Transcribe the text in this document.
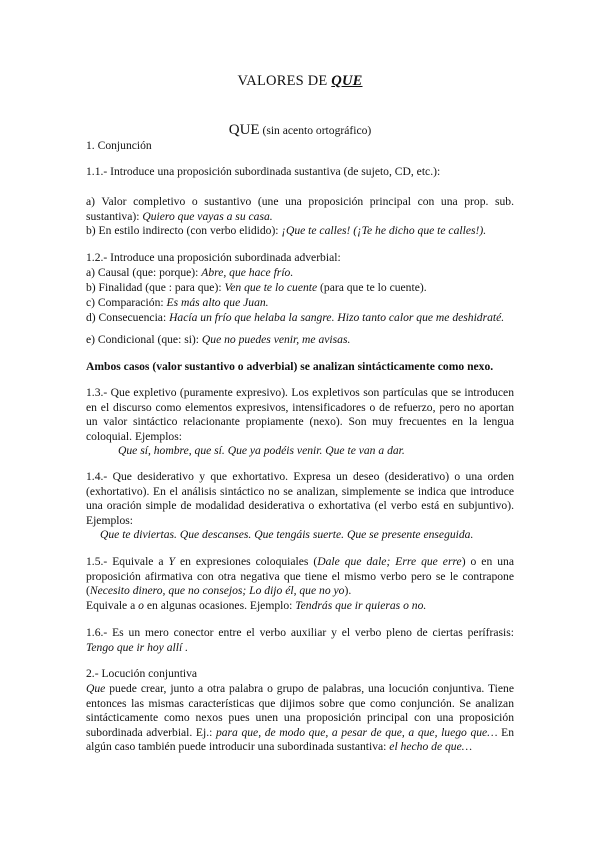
VALORES DE QUE
QUE (sin acento ortográfico)
1. Conjunción
1.1.- Introduce una proposición subordinada sustantiva (de sujeto, CD, etc.):
a) Valor completivo o sustantivo (une una proposición principal con una prop. sub. sustantiva): Quiero que vayas a su casa.
b) En estilo indirecto (con verbo elidido): ¡Que te calles! (¡Te he dicho que te calles!).
1.2.- Introduce una proposición subordinada adverbial:
a) Causal (que: porque): Abre, que hace frío.
b) Finalidad (que : para que): Ven que te lo cuente (para que te lo cuente).
c) Comparación: Es más alto que Juan.
d) Consecuencia: Hacía un frío que helaba la sangre. Hizo tanto calor que me deshidraté.
e) Condicional (que: si): Que no puedes venir, me avisas.
Ambos casos (valor sustantivo o adverbial) se analizan sintácticamente como nexo.
1.3.- Que expletivo (puramente expresivo). Los expletivos son partículas que se introducen en el discurso como elementos expresivos, intensificadores o de refuerzo, pero no aportan un valor sintáctico relacionante propiamente (nexo). Son muy frecuentes en la lengua coloquial. Ejemplos:
Que sí, hombre, que sí. Que ya podéis venir. Que te van a dar.
1.4.- Que desiderativo y que exhortativo. Expresa un deseo (desiderativo) o una orden (exhortativo). En el análisis sintáctico no se analizan, simplemente se indica que introduce una oración simple de modalidad desiderativa o exhortativa (el verbo está en subjuntivo). Ejemplos:
Que te diviertas. Que descanses. Que tengáis suerte. Que se presente enseguida.
1.5.- Equivale a Y en expresiones coloquiales (Dale que dale; Erre que erre) o en una proposición afirmativa con otra negativa que tiene el mismo verbo pero se le contrapone (Necesito dinero, que no consejos; Lo dijo él, que no yo).
Equivale a o en algunas ocasiones. Ejemplo: Tendrás que ir quieras o no.
1.6.- Es un mero conector entre el verbo auxiliar y el verbo pleno de ciertas perífrasis: Tengo que ir hoy allí .
2.- Locución conjuntiva
Que puede crear, junto a otra palabra o grupo de palabras, una locución conjuntiva. Tiene entonces las mismas características que dijimos sobre que como conjunción. Se analizan sintácticamente como nexos pues unen una proposición principal con una proposición subordinada adverbial. Ej.: para que, de modo que, a pesar de que, a que, luego que… En algún caso también puede introducir una subordinada sustantiva: el hecho de que…
